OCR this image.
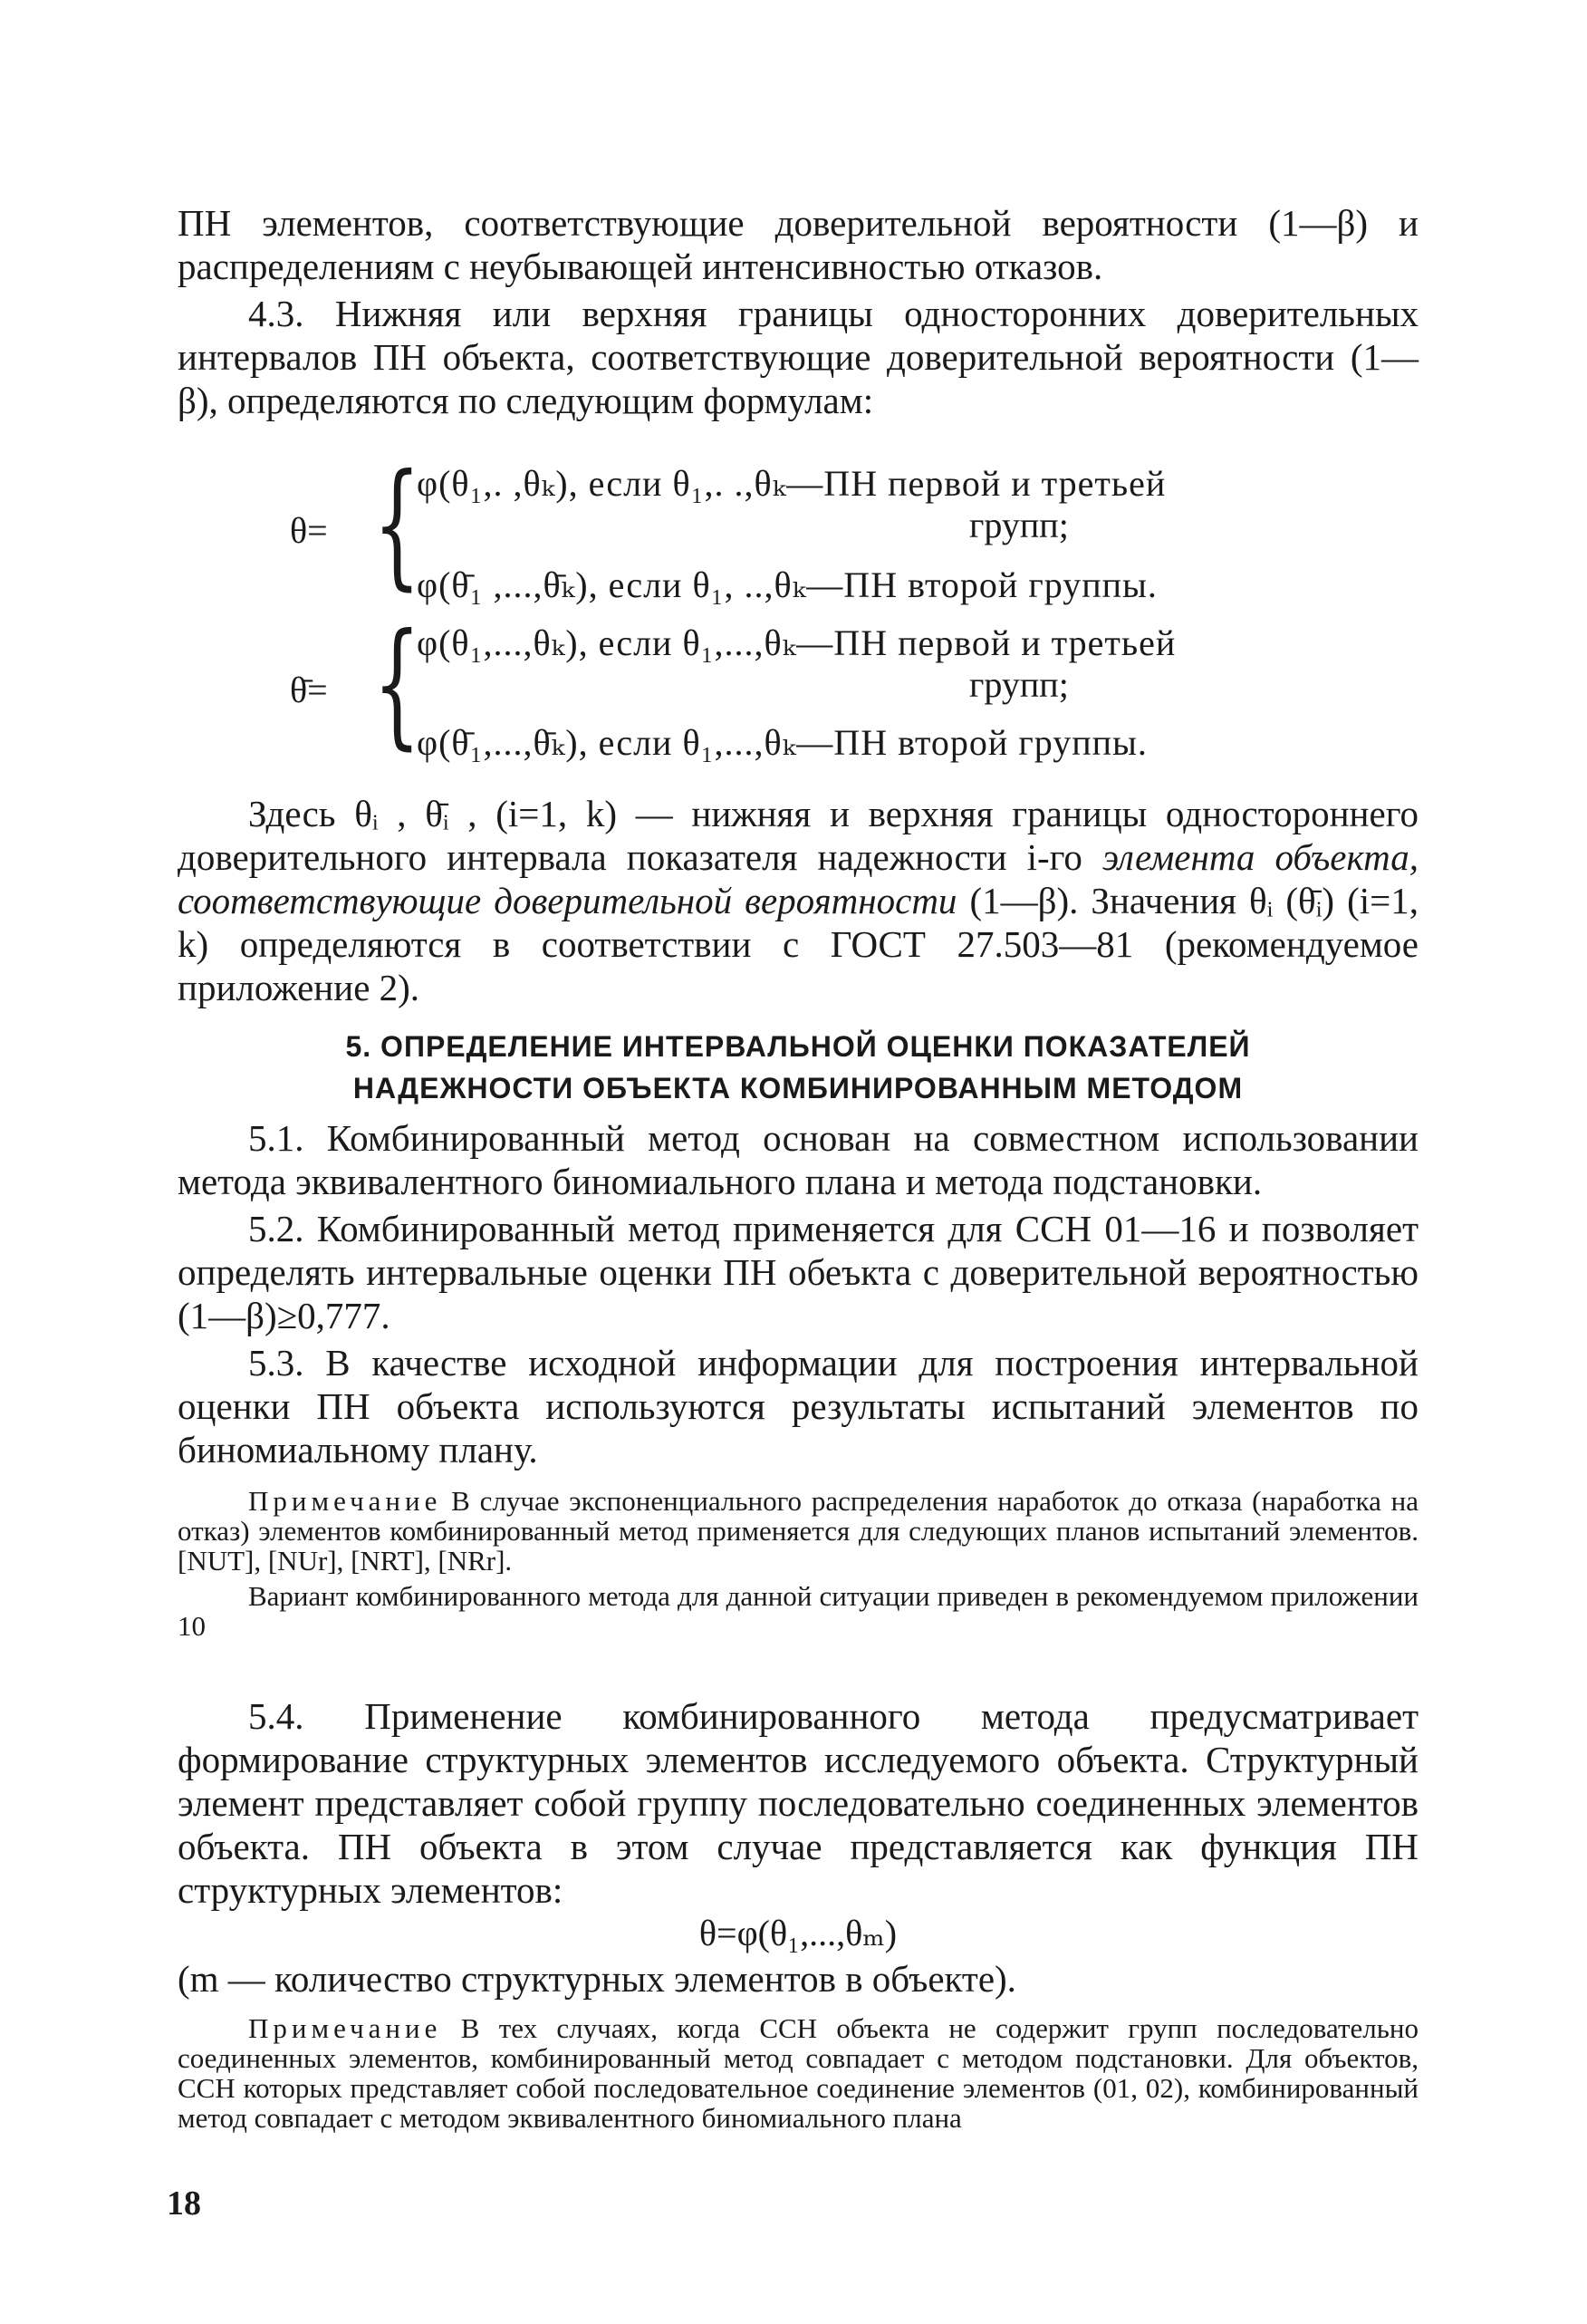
ПН элементов, соответствующие доверительной вероятности (1—β) и распределениям с неубывающей интенсивностью отказов.

4.3. Нижняя или верхняя границы односторонних доверительных интервалов ПН объекта, соответствующие доверительной вероятности (1—β), определяются по следующим формулам:

θ= {
φ(θ₁,. ,θₖ), если θ₁,. .,θₖ—ПН первой и третьей
групп;
φ(θ̄₁ ,...,θ̄ₖ), если θ₁, ..,θₖ—ПН второй группы.
θ̄= {
φ(θ₁,...,θₖ), если θ₁,...,θₖ—ПН первой и третьей
групп;
φ(θ̄₁,...,θ̄ₖ), если θ₁,...,θₖ—ПН второй группы.

Здесь θᵢ , θ̄ᵢ , (i=1, k) — нижняя и верхняя границы одностороннего доверительного интервала показателя надежности i-го элемента объекта, соответствующие доверительной вероятности (1—β). Значения θᵢ (θ̄ᵢ) (i=1, k) определяются в соответствии с ГОСТ 27.503—81 (рекомендуемое приложение 2).

5. ОПРЕДЕЛЕНИЕ ИНТЕРВАЛЬНОЙ ОЦЕНКИ ПОКАЗАТЕЛЕЙ
НАДЕЖНОСТИ ОБЪЕКТА КОМБИНИРОВАННЫМ МЕТОДОМ

5.1. Комбинированный метод основан на совместном использовании метода эквивалентного биномиального плана и метода подстановки.

5.2. Комбинированный метод применяется для ССН 01—16 и позволяет определять интервальные оценки ПН обеъкта с доверительной вероятностью (1—β)≥0,777.

5.3. В качестве исходной информации для построения интервальной оценки ПН объекта используются результаты испытаний элементов по биномиальному плану.

Примечание В случае экспоненциального распределения наработок до отказа (наработка на отказ) элементов комбинированный метод применяется для следующих планов испытаний элементов. [NUT], [NUr], [NRT], [NRr].

Вариант комбинированного метода для данной ситуации приведен в рекомендуемом приложении 10

5.4. Применение комбинированного метода предусматривает формирование структурных элементов исследуемого объекта. Структурный элемент представляет собой группу последовательно соединенных элементов объекта. ПН объекта в этом случае представляется как функция ПН структурных элементов:

θ=φ(θ₁,...,θₘ)

(m — количество структурных элементов в объекте).

Примечание В тех случаях, когда ССН объекта не содержит групп последовательно соединенных элементов, комбинированный метод совпадает с методом подстановки. Для объектов, ССН которых представляет собой последовательное соединение элементов (01, 02), комбинированный метод совпадает с методом эквивалентного биномиального плана

18
